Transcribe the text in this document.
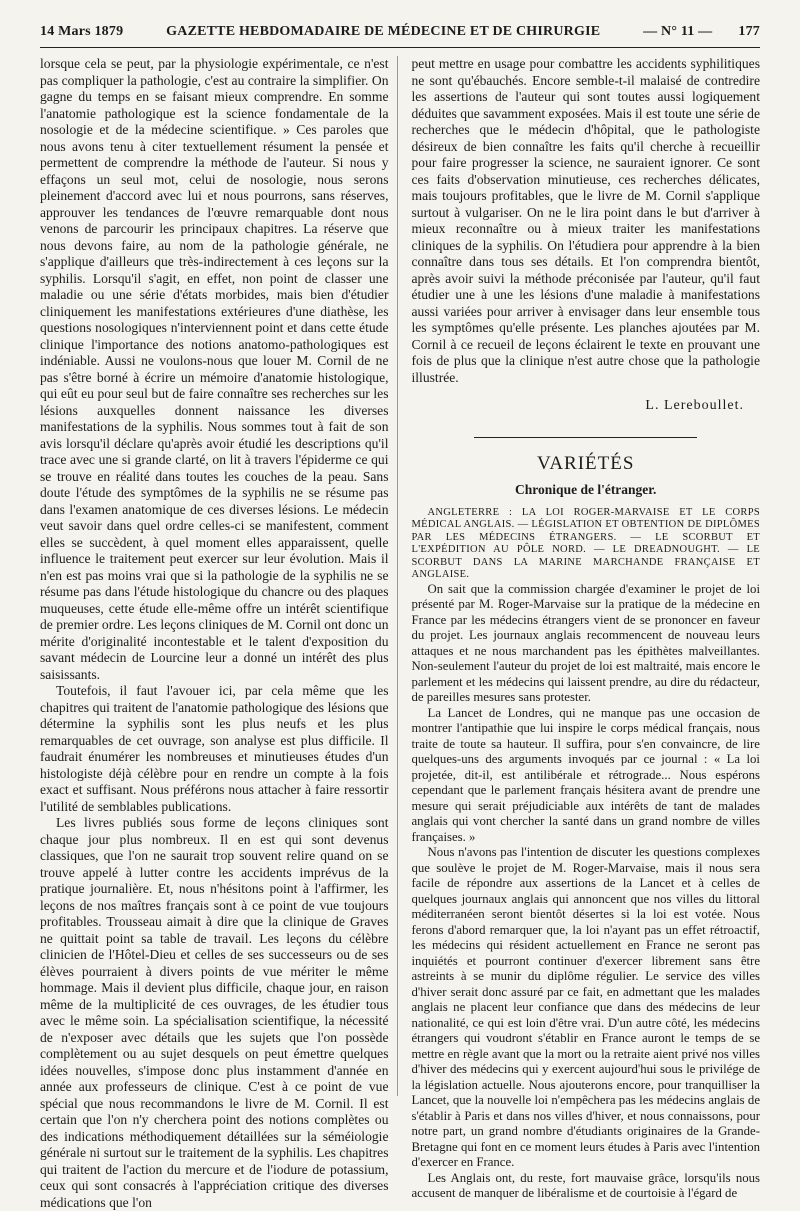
14 Mars 1879	GAZETTE HEBDOMADAIRE DE MÉDECINE ET DE CHIRURGIE	— N° 11 — 177

lorsque cela se peut, par la physiologie expérimentale, ce n'est pas compliquer la pathologie, c'est au contraire la simplifier. On gagne du temps en se faisant mieux comprendre. En somme l'anatomie pathologique est la science fondamentale de la nosologie et de la médecine scientifique. » Ces paroles que nous avons tenu à citer textuellement résument la pensée et permettent de comprendre la méthode de l'auteur. Si nous y effaçons un seul mot, celui de nosologie, nous serons pleinement d'accord avec lui et nous pourrons, sans réserves, approuver les tendances de l'œuvre remarquable dont nous venons de parcourir les principaux chapitres. La réserve que nous devons faire, au nom de la pathologie générale, ne s'applique d'ailleurs que très-indirectement à ces leçons sur la syphilis. Lorsqu'il s'agit, en effet, non point de classer une maladie ou une série d'états morbides, mais bien d'étudier cliniquement les manifestations extérieures d'une diathèse, les questions nosologiques n'interviennent point et dans cette étude clinique l'importance des notions anatomo-pathologiques est indéniable. Aussi ne voulons-nous que louer M. Cornil de ne pas s'être borné à écrire un mémoire d'anatomie histologique, qui eût eu pour seul but de faire connaître ses recherches sur les lésions auxquelles donnent naissance les diverses manifestations de la syphilis. Nous sommes tout à fait de son avis lorsqu'il déclare qu'après avoir étudié les descriptions qu'il trace avec une si grande clarté, on lit à travers l'épiderme ce qui se trouve en réalité dans toutes les couches de la peau. Sans doute l'étude des symptômes de la syphilis ne se résume pas dans l'examen anatomique de ces diverses lésions. Le médecin veut savoir dans quel ordre celles-ci se manifestent, comment elles se succèdent, à quel moment elles apparaissent, quelle influence le traitement peut exercer sur leur évolution. Mais il n'en est pas moins vrai que si la pathologie de la syphilis ne se résume pas dans l'étude histologique du chancre ou des plaques muqueuses, cette étude elle-même offre un intérêt scientifique de premier ordre. Les leçons cliniques de M. Cornil ont donc un mérite d'originalité incontestable et le talent d'exposition du savant médecin de Lourcine leur a donné un intérêt des plus saisissants.

Toutefois, il faut l'avouer ici, par cela même que les chapitres qui traitent de l'anatomie pathologique des lésions que détermine la syphilis sont les plus neufs et les plus remarquables de cet ouvrage, son analyse est plus difficile. Il faudrait énumérer les nombreuses et minutieuses études d'un histologiste déjà célèbre pour en rendre un compte à la fois exact et suffisant. Nous préférons nous attacher à faire ressortir l'utilité de semblables publications.

Les livres publiés sous forme de leçons cliniques sont chaque jour plus nombreux. Il en est qui sont devenus classiques, que l'on ne saurait trop souvent relire quand on se trouve appelé à lutter contre les accidents imprévus de la pratique journalière. Et, nous n'hésitons point à l'affirmer, les leçons de nos maîtres français sont à ce point de vue toujours profitables. Trousseau aimait à dire que la clinique de Graves ne quittait point sa table de travail. Les leçons du célèbre clinicien de l'Hôtel-Dieu et celles de ses successeurs ou de ses élèves pourraient à divers points de vue mériter le même hommage. Mais il devient plus difficile, chaque jour, en raison même de la multiplicité de ces ouvrages, de les étudier tous avec le même soin. La spécialisation scientifique, la nécessité de n'exposer avec détails que les sujets que l'on possède complètement ou au sujet desquels on peut émettre quelques idées nouvelles, s'impose donc plus instamment d'année en année aux professeurs de clinique. C'est à ce point de vue spécial que nous recommandons le livre de M. Cornil. Il est certain que l'on n'y cherchera point des notions complètes ou des indications méthodiquement détaillées sur la séméiologie générale ni surtout sur le traitement de la syphilis. Les chapitres qui traitent de l'action du mercure et de l'iodure de potassium, ceux qui sont consacrés à l'appréciation critique des diverses médications que l'on

peut mettre en usage pour combattre les accidents syphilitiques ne sont qu'ébauchés. Encore semble-t-il malaisé de contredire les assertions de l'auteur qui sont toutes aussi logiquement déduites que savamment exposées. Mais il est toute une série de recherches que le médecin d'hôpital, que le pathologiste désireux de bien connaître les faits qu'il cherche à recueillir pour faire progresser la science, ne sauraient ignorer. Ce sont ces faits d'observation minutieuse, ces recherches délicates, mais toujours profitables, que le livre de M. Cornil s'applique surtout à vulgariser. On ne le lira point dans le but d'arriver à mieux reconnaître ou à mieux traiter les manifestations cliniques de la syphilis. On l'étudiera pour apprendre à la bien connaître dans tous ses détails. Et l'on comprendra bientôt, après avoir suivi la méthode préconisée par l'auteur, qu'il faut étudier une à une les lésions d'une maladie à manifestations aussi variées pour arriver à envisager dans leur ensemble tous les symptômes qu'elle présente. Les planches ajoutées par M. Cornil à ce recueil de leçons éclairent le texte en prouvant une fois de plus que la clinique n'est autre chose que la pathologie illustrée.

L. Lereboullet.
VARIÉTÉS
Chronique de l'étranger.

ANGLETERRE : LA LOI ROGER-MARVAISE ET LE CORPS MÉDICAL ANGLAIS. — LÉGISLATION ET OBTENTION DE DIPLÔMES PAR LES MÉDECINS ÉTRANGERS. — LE SCORBUT ET L'EXPÉDITION AU PÔLE NORD. — LE DREADNOUGHT. — LE SCORBUT DANS LA MARINE MARCHANDE FRANÇAISE ET ANGLAISE.

On sait que la commission chargée d'examiner le projet de loi présenté par M. Roger-Marvaise sur la pratique de la médecine en France par les médecins étrangers vient de se prononcer en faveur du projet. Les journaux anglais recommencent de nouveau leurs attaques et ne nous marchandent pas les épithètes malveillantes. Non-seulement l'auteur du projet de loi est maltraité, mais encore le parlement et les médecins qui laissent prendre, au dire du rédacteur, de pareilles mesures sans protester.

La Lancet de Londres, qui ne manque pas une occasion de montrer l'antipathie que lui inspire le corps médical français, nous traite de toute sa hauteur. Il suffira, pour s'en convaincre, de lire quelques-uns des arguments invoqués par ce journal : « La loi projetée, dit-il, est antilibérale et rétrograde... Nous espérons cependant que le parlement français hésitera avant de prendre une mesure qui serait préjudiciable aux intérêts de tant de malades anglais qui vont chercher la santé dans un grand nombre de villes françaises. »

Nous n'avons pas l'intention de discuter les questions complexes que soulève le projet de M. Roger-Marvaise, mais il nous sera facile de répondre aux assertions de la Lancet et à celles de quelques journaux anglais qui annoncent que nos villes du littoral méditerranéen seront bientôt désertes si la loi est votée. Nous ferons d'abord remarquer que, la loi n'ayant pas un effet rétroactif, les médecins qui résident actuellement en France ne seront pas inquiétés et pourront continuer d'exercer librement sans être astreints à se munir du diplôme régulier. Le service des villes d'hiver serait donc assuré par ce fait, en admettant que les malades anglais ne placent leur confiance que dans des médecins de leur nationalité, ce qui est loin d'être vrai. D'un autre côté, les médecins étrangers qui voudront s'établir en France auront le temps de se mettre en règle avant que la mort ou la retraite aient privé nos villes d'hiver des médecins qui y exercent aujourd'hui sous le privilége de la législation actuelle. Nous ajouterons encore, pour tranquilliser la Lancet, que la nouvelle loi n'empêchera pas les médecins anglais de s'établir à Paris et dans nos villes d'hiver, et nous connaissons, pour notre part, un grand nombre d'étudiants originaires de la Grande-Bretagne qui font en ce moment leurs études à Paris avec l'intention d'exercer en France.

Les Anglais ont, du reste, fort mauvaise grâce, lorsqu'ils nous accusent de manquer de libéralisme et de courtoisie à l'égard de
